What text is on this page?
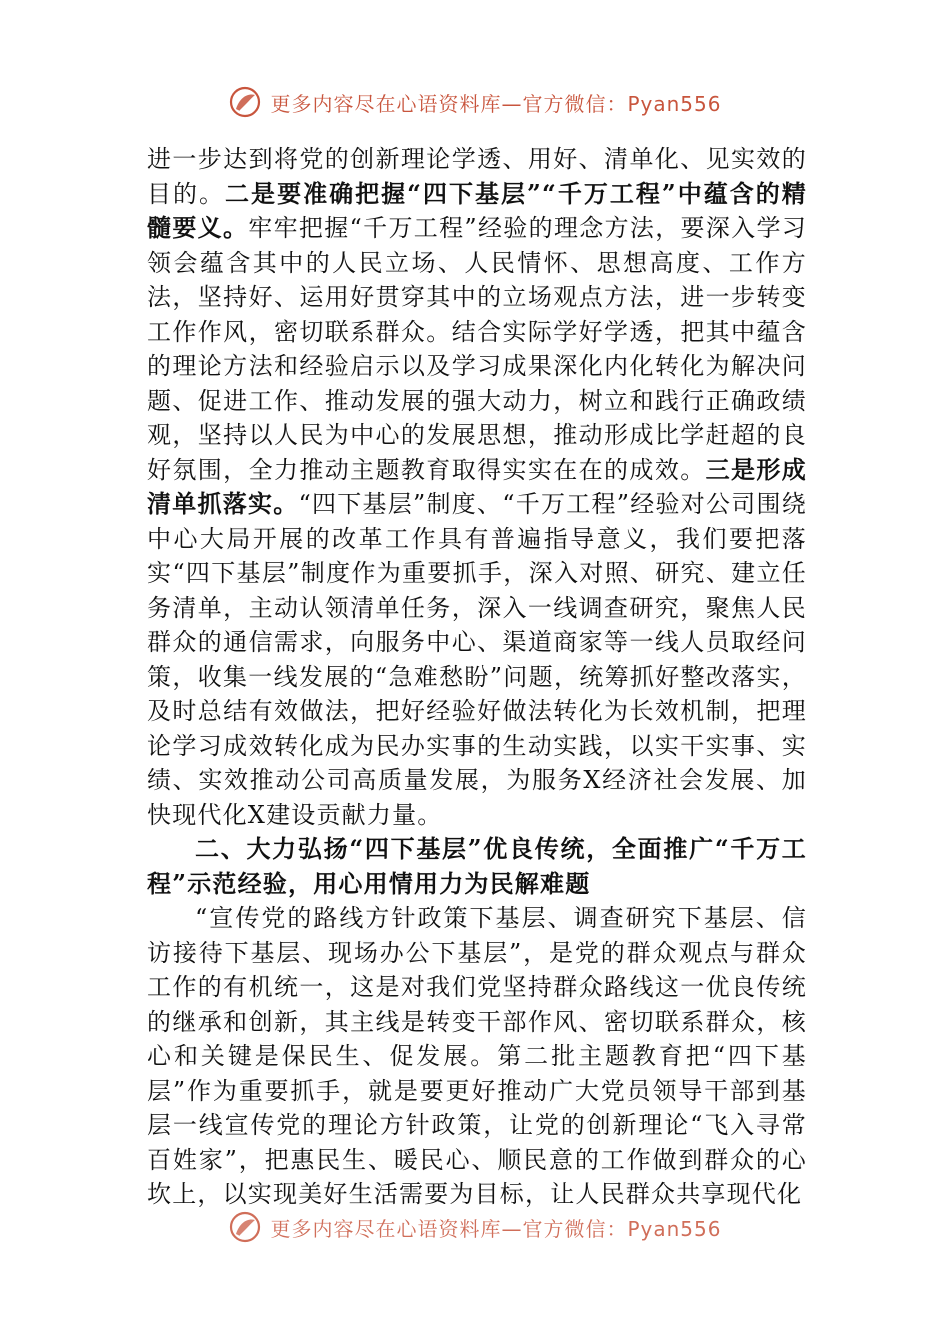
更多内容尽在心语资料库—官方微信：Pyan556

进一步达到将党的创新理论学透、用好、清单化、见实效的目的。二是要准确把握“四下基层”“千万工程”中蕴含的精髓要义。牢牢把握“千万工程”经验的理念方法，要深入学习领会蕴含其中的人民立场、人民情怀、思想高度、工作方法，坚持好、运用好贯穿其中的立场观点方法，进一步转变工作作风，密切联系群众。结合实际学好学透，把其中蕴含的理论方法和经验启示以及学习成果深化内化转化为解决问题、促进工作、推动发展的强大动力，树立和践行正确政绩观，坚持以人民为中心的发展思想，推动形成比学赶超的良好氛围，全力推动主题教育取得实实在在的成效。三是形成清单抓落实。“四下基层”制度、“千万工程”经验对公司围绕中心大局开展的改革工作具有普遍指导意义，我们要把落实“四下基层”制度作为重要抓手，深入对照、研究、建立任务清单，主动认领清单任务，深入一线调查研究，聚焦人民群众的通信需求，向服务中心、渠道商家等一线人员取经问策，收集一线发展的“急难愁盼”问题，统筹抓好整改落实，及时总结有效做法，把好经验好做法转化为长效机制，把理论学习成效转化成为民办实事的生动实践，以实干实事、实绩、实效推动公司高质量发展，为服务X经济社会发展、加快现代化X建设贡献力量。

二、大力弘扬“四下基层”优良传统，全面推广“千万工程”示范经验，用心用情用力为民解难题

“宣传党的路线方针政策下基层、调查研究下基层、信访接待下基层、现场办公下基层”，是党的群众观点与群众工作的有机统一，这是对我们党坚持群众路线这一优良传统的继承和创新，其主线是转变干部作风、密切联系群众，核心和关键是保民生、促发展。第二批主题教育把“四下基层”作为重要抓手，就是要更好推动广大党员领导干部到基层一线宣传党的理论方针政策，让党的创新理论“飞入寻常百姓家”，把惠民生、暖民心、顺民意的工作做到群众的心坎上，以实现美好生活需要为目标，让人民群众共享现代化

更多内容尽在心语资料库—官方微信：Pyan556
